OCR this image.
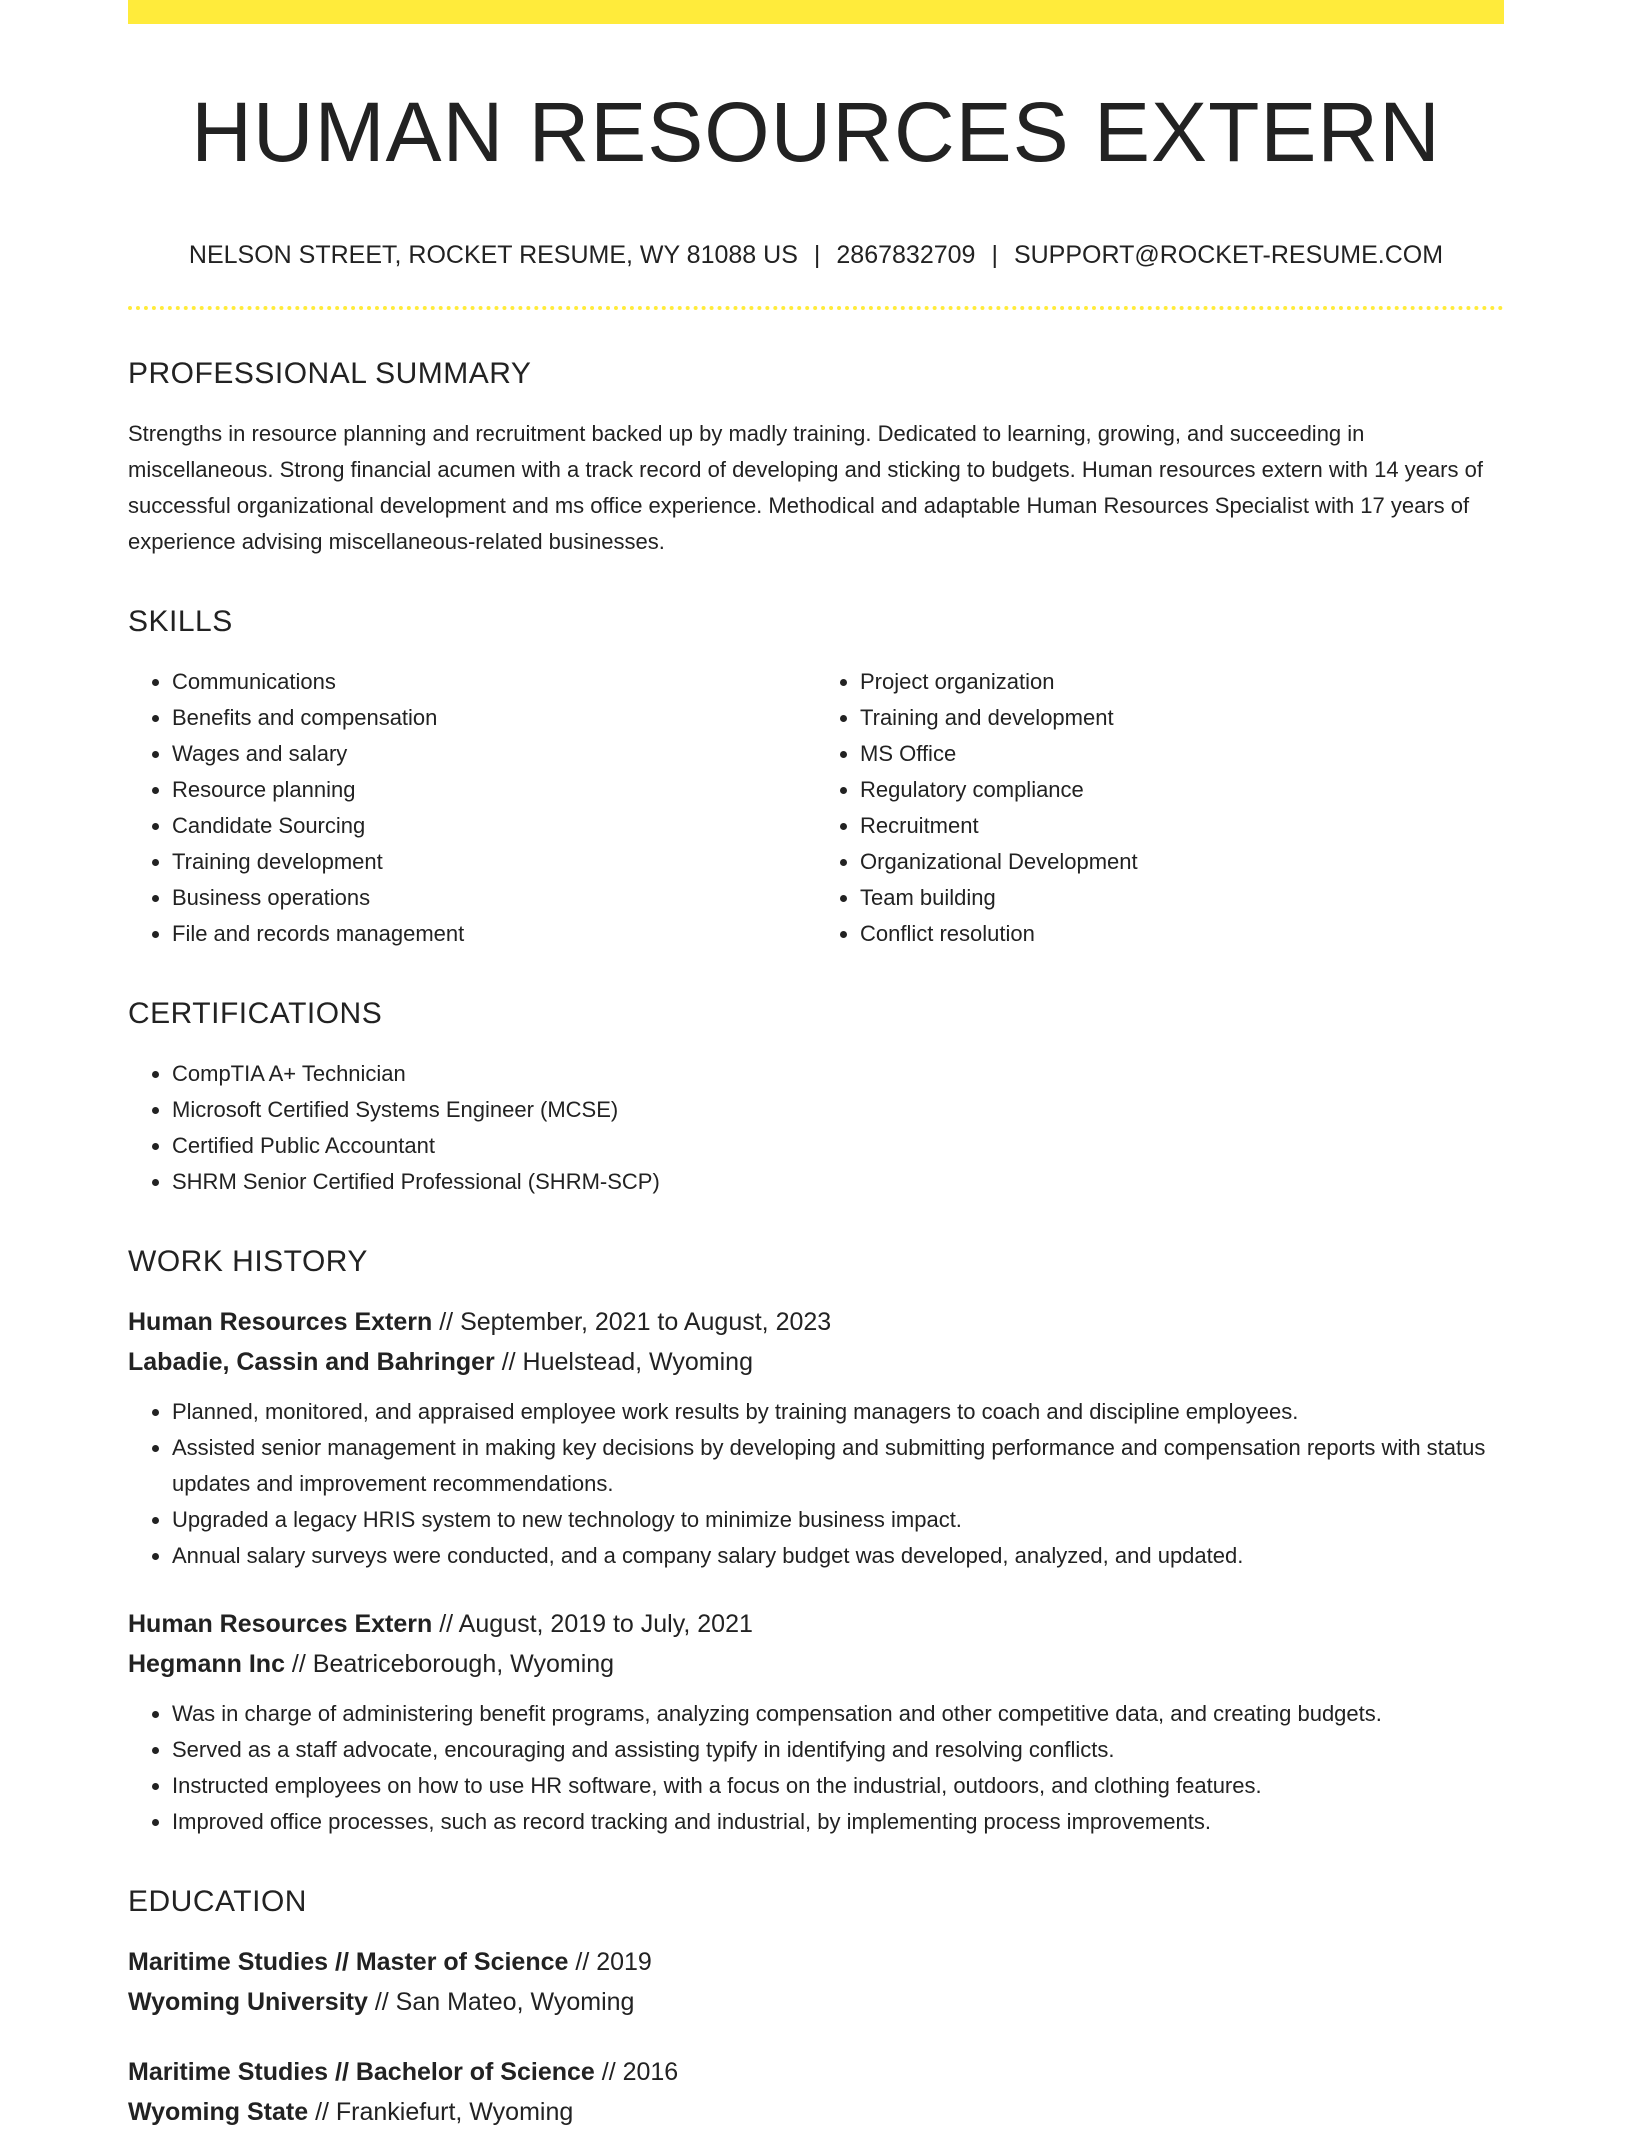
HUMAN RESOURCES EXTERN
NELSON STREET, ROCKET RESUME, WY 81088 US | 2867832709 | SUPPORT@ROCKET-RESUME.COM
PROFESSIONAL SUMMARY

Strengths in resource planning and recruitment backed up by madly training. Dedicated to learning, growing, and succeeding in miscellaneous. Strong financial acumen with a track record of developing and sticking to budgets. Human resources extern with 14 years of successful organizational development and ms office experience. Methodical and adaptable Human Resources Specialist with 17 years of experience advising miscellaneous-related businesses.

SKILLS
• Communications
• Benefits and compensation
• Wages and salary
• Resource planning
• Candidate Sourcing
• Training development
• Business operations
• File and records management
• Project organization
• Training and development
• MS Office
• Regulatory compliance
• Recruitment
• Organizational Development
• Team building
• Conflict resolution
CERTIFICATIONS
• CompTIA A+ Technician
• Microsoft Certified Systems Engineer (MCSE)
• Certified Public Accountant
• SHRM Senior Certified Professional (SHRM-SCP)
WORK HISTORY
Human Resources Extern // September, 2021 to August, 2023
Labadie, Cassin and Bahringer // Huelstead, Wyoming
• Planned, monitored, and appraised employee work results by training managers to coach and discipline employees.
• Assisted senior management in making key decisions by developing and submitting performance and compensation reports with status updates and improvement recommendations.
• Upgraded a legacy HRIS system to new technology to minimize business impact.
• Annual salary surveys were conducted, and a company salary budget was developed, analyzed, and updated.
Human Resources Extern // August, 2019 to July, 2021
Hegmann Inc // Beatriceborough, Wyoming
• Was in charge of administering benefit programs, analyzing compensation and other competitive data, and creating budgets.
• Served as a staff advocate, encouraging and assisting typify in identifying and resolving conflicts.
• Instructed employees on how to use HR software, with a focus on the industrial, outdoors, and clothing features.
• Improved office processes, such as record tracking and industrial, by implementing process improvements.
EDUCATION
Maritime Studies // Master of Science // 2019
Wyoming University // San Mateo, Wyoming
Maritime Studies // Bachelor of Science // 2016
Wyoming State // Frankiefurt, Wyoming
